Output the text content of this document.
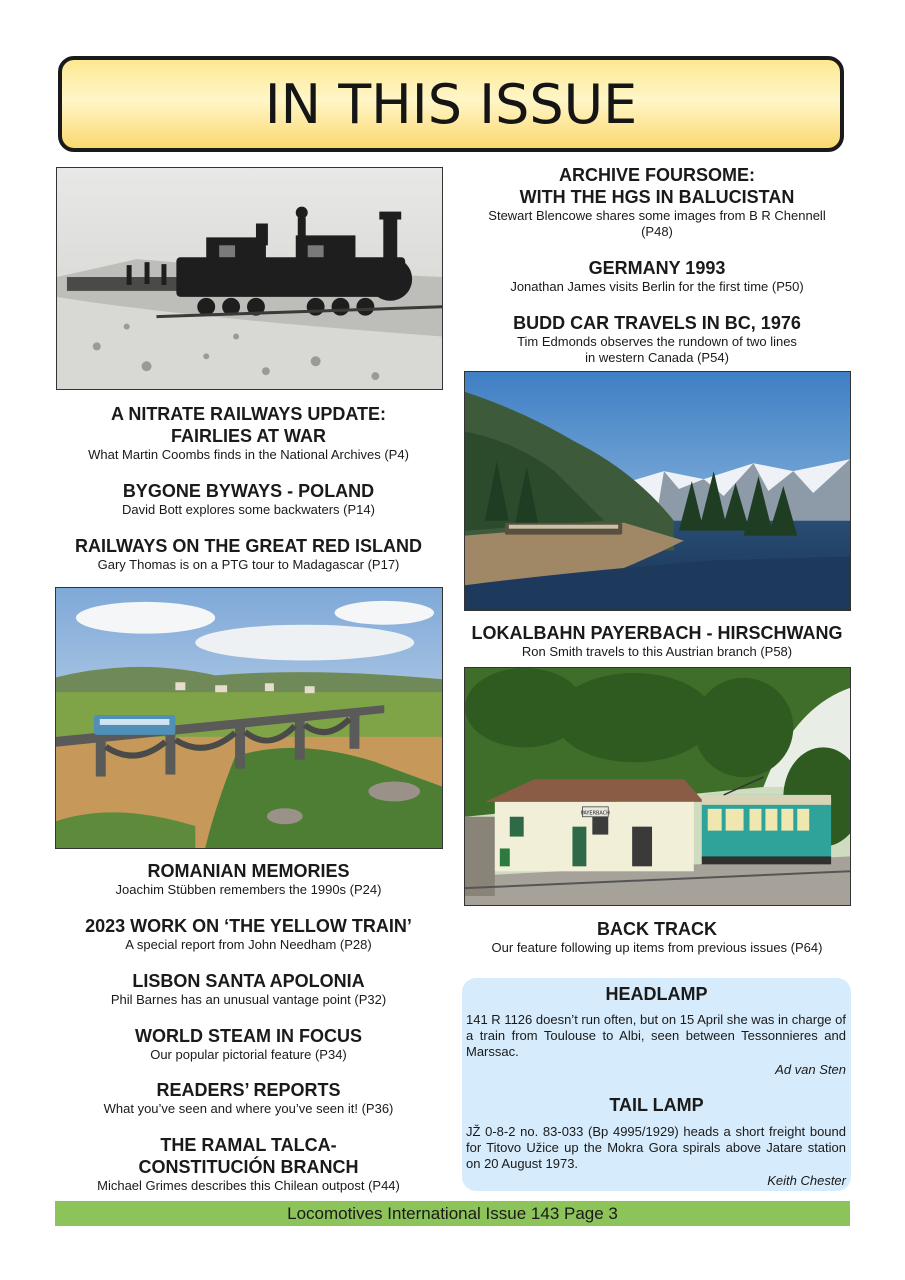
IN THIS ISSUE
A NITRATE RAILWAYS UPDATE:
FAIRLIES AT WAR
What Martin Coombs finds in the National Archives (P4)
BYGONE BYWAYS - POLAND
David Bott explores some backwaters (P14)
RAILWAYS ON THE GREAT RED ISLAND
Gary Thomas is on a PTG tour to Madagascar (P17)
ROMANIAN MEMORIES
Joachim Stübben remembers the 1990s (P24)
2023 WORK ON ‘THE YELLOW TRAIN’
A special report from John Needham (P28)
LISBON SANTA APOLONIA
Phil Barnes has an unusual vantage point (P32)
WORLD STEAM IN FOCUS
Our popular pictorial feature (P34)
READERS’ REPORTS
What you’ve seen and where you’ve seen it! (P36)
THE RAMAL TALCA-
CONSTITUCIÓN BRANCH
Michael Grimes describes this Chilean outpost (P44)
ARCHIVE FOURSOME:
WITH THE HGS IN BALUCISTAN
Stewart Blencowe shares some images from B R Chennell
(P48)
GERMANY 1993
Jonathan James visits Berlin for the first time (P50)
BUDD CAR TRAVELS IN BC, 1976
Tim Edmonds observes the rundown of two lines
in western Canada (P54)
LOKALBAHN PAYERBACH - HIRSCHWANG
Ron Smith travels to this Austrian branch (P58)
PAYERBACH
BACK TRACK
Our feature following up items from previous issues (P64)
HEADLAMP
141 R 1126 doesn’t run often, but on 15 April she was in charge of a train from Toulouse to Albi, seen between Tessonnieres and Marssac.
Ad van Sten
TAIL LAMP
JŽ 0-8-2 no. 83-033 (Bp 4995/1929) heads a short freight bound for Titovo Užice up the Mokra Gora spirals above Jatare station on 20 August 1973.
Keith Chester
Locomotives International Issue 143 Page 3
